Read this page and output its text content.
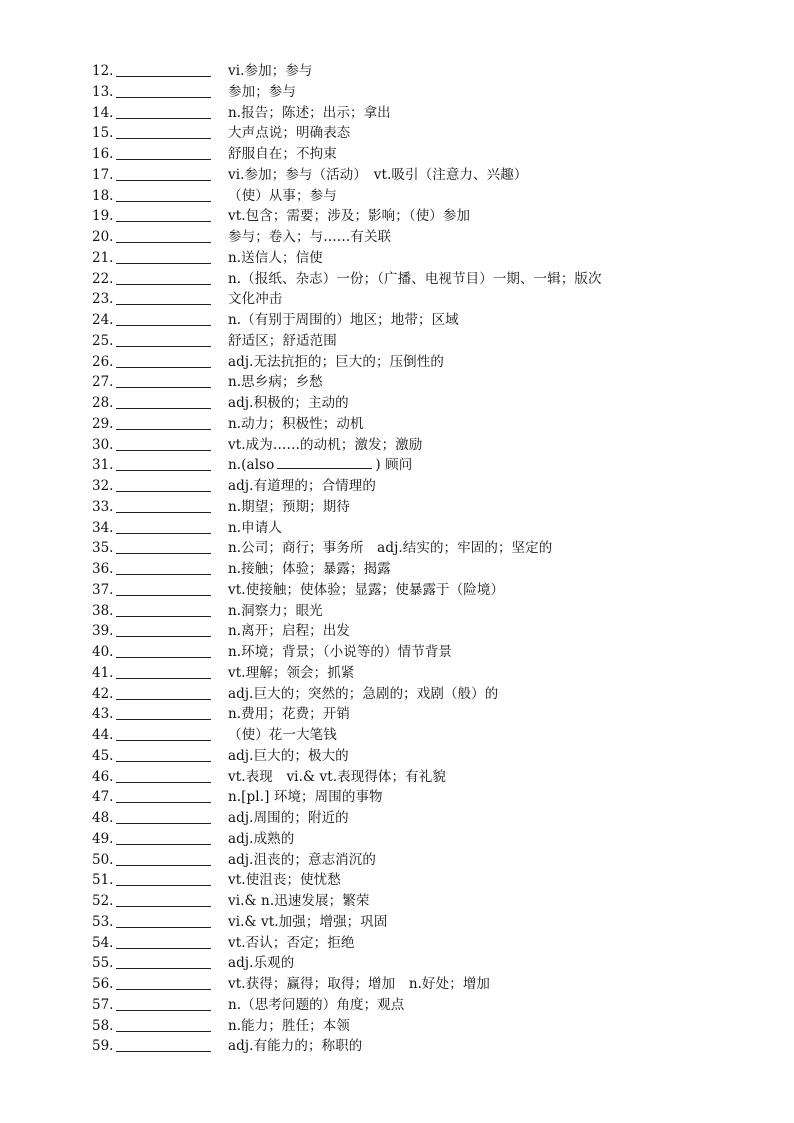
12.	vi.参加；参与
13.	参加；参与
14.	n.报告；陈述；出示；拿出
15.	大声点说；明确表态
16.	舒服自在；不拘束
17.	vi.参加；参与（活动）　vt.吸引（注意力、兴趣）
18.	（使）从事；参与
19.	vt.包含；需要；涉及；影响；（使）参加
20.	参与；卷入；与……有关联
21.	n.送信人；信使
22.	n.（报纸、杂志）一份；（广播、电视节目）一期、一辑；版次
23.	文化冲击
24.	n.（有别于周围的）地区；地带；区域
25.	舒适区；舒适范围
26.	adj.无法抗拒的；巨大的；压倒性的
27.	n.思乡病；乡愁
28.	adj.积极的；主动的
29.	n.动力；积极性；动机
30.	vt.成为……的动机；激发；激励
31.	n.(also	) 顾问
32.	adj.有道理的；合情理的
33.	n.期望；预期；期待
34.	n.申请人
35.	n.公司；商行；事务所　adj.结实的；牢固的；坚定的
36.	n.接触；体验；暴露；揭露
37.	vt.使接触；使体验；显露；使暴露于（险境）
38.	n.洞察力；眼光
39.	n.离开；启程；出发
40.	n.环境；背景；（小说等的）情节背景
41.	vt.理解；领会；抓紧
42.	adj.巨大的；突然的；急剧的；戏剧（般）的
43.	n.费用；花费；开销
44.	（使）花一大笔钱
45.	adj.巨大的；极大的
46.	vt.表现　vi.& vt.表现得体；有礼貌
47.	n.[pl.] 环境；周围的事物
48.	adj.周围的；附近的
49.	adj.成熟的
50.	adj.沮丧的；意志消沉的
51.	vt.使沮丧；使忧愁
52.	vi.& n.迅速发展；繁荣
53.	vi.& vt.加强；增强；巩固
54.	vt.否认；否定；拒绝
55.	adj.乐观的
56.	vt.获得；赢得；取得；增加　n.好处；增加
57.	n.（思考问题的）角度；观点
58.	n.能力；胜任；本领
59.	adj.有能力的；称职的
